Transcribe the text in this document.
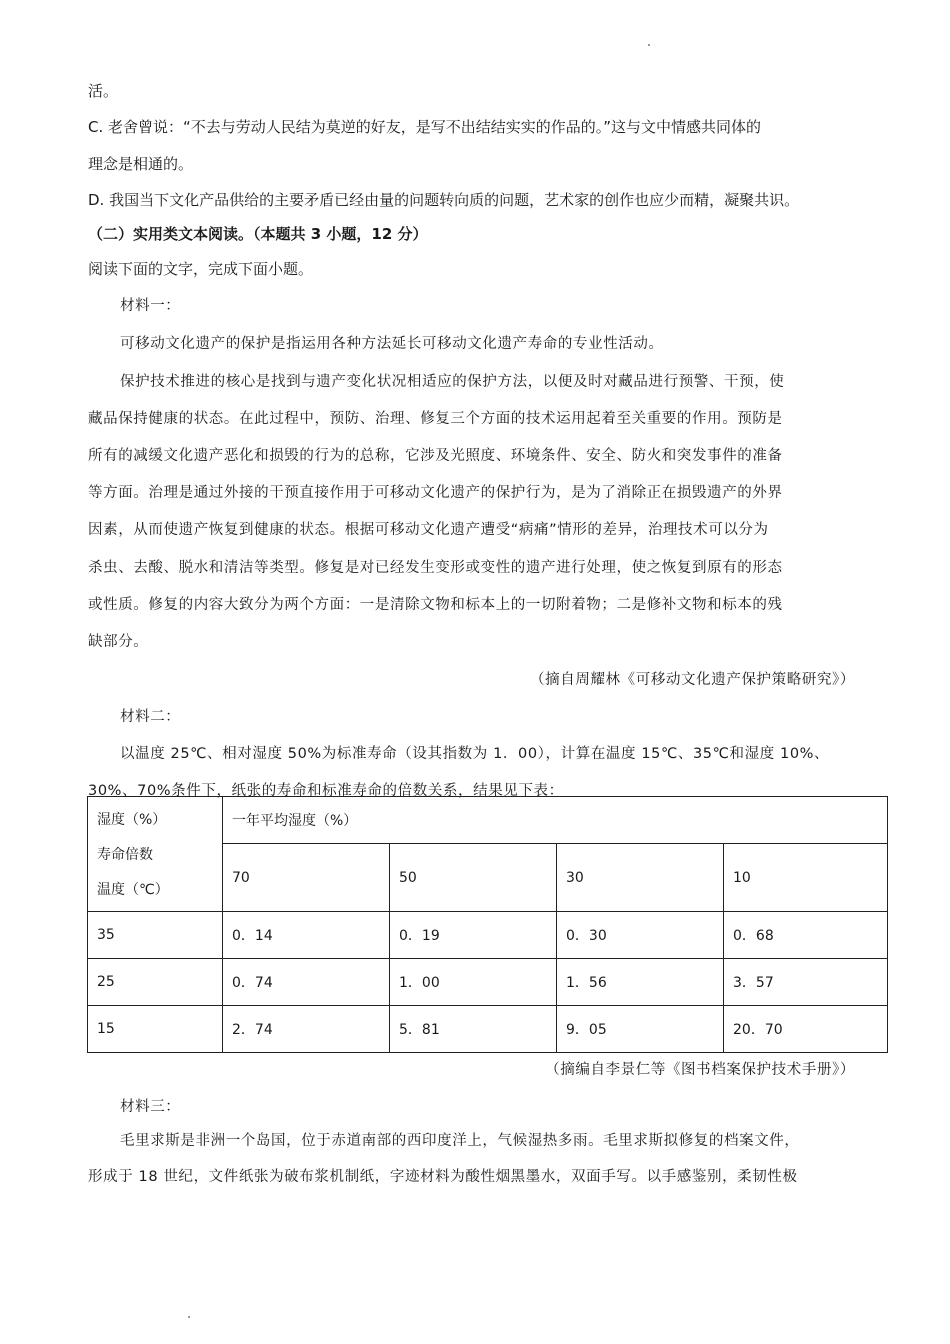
活。
C. 老舍曾说：“不去与劳动人民结为莫逆的好友，是写不出结结实实的作品的。”这与文中情感共同体的
理念是相通的。
D. 我国当下文化产品供给的主要矛盾已经由量的问题转向质的问题，艺术家的创作也应少而精，凝聚共识。
（二）实用类文本阅读。（本题共 3 小题，12 分）
阅读下面的文字，完成下面小题。
材料一：
可移动文化遗产的保护是指运用各种方法延长可移动文化遗产寿命的专业性活动。
保护技术推进的核心是找到与遗产变化状况相适应的保护方法，以便及时对藏品进行预警、干预，使
藏品保持健康的状态。在此过程中，预防、治理、修复三个方面的技术运用起着至关重要的作用。预防是
所有的减缓文化遗产恶化和损毁的行为的总称，它涉及光照度、环境条件、安全、防火和突发事件的准备
等方面。治理是通过外接的干预直接作用于可移动文化遗产的保护行为，是为了消除正在损毁遗产的外界
因素，从而使遗产恢复到健康的状态。根据可移动文化遗产遭受“病痛”情形的差异，治理技术可以分为
杀虫、去酸、脱水和清洁等类型。修复是对已经发生变形或变性的遗产进行处理，使之恢复到原有的形态
或性质。修复的内容大致分为两个方面：一是清除文物和标本上的一切附着物；二是修补文物和标本的残
缺部分。
（摘自周耀林《可移动文化遗产保护策略研究》）
材料二：
以温度 25℃、相对湿度 50%为标准寿命（设其指数为 1．00），计算在温度 15℃、35℃和湿度 10%、
30%、70%条件下，纸张的寿命和标准寿命的倍数关系，结果见下表：
湿度（%）
寿命倍数
温度（℃）	一年平均湿度（%）			
	70	50	30	10
35	0．14	0．19	0．30	0．68
25	0．74	1．00	1．56	3．57
15	2．74	5．81	9．05	20．70
（摘编自李景仁等《图书档案保护技术手册》）
材料三：
毛里求斯是非洲一个岛国，位于赤道南部的西印度洋上，气候湿热多雨。毛里求斯拟修复的档案文件，
形成于 18 世纪，文件纸张为破布浆机制纸，字迹材料为酸性烟黑墨水，双面手写。以手感鉴别，柔韧性极
